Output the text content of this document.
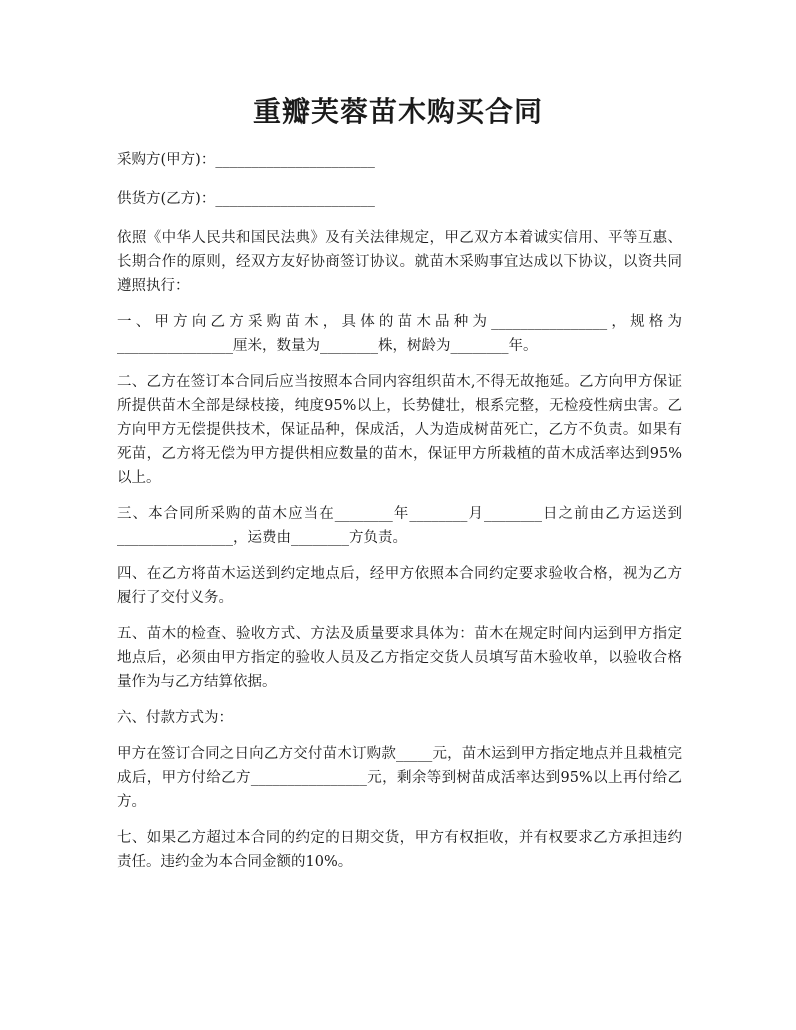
重瓣芙蓉苗木购买合同

采购方(甲方)：______________________

供货方(乙方)：______________________

依照《中华人民共和国民法典》及有关法律规定，甲乙双方本着诚实信用、平等互惠、长期合作的原则，经双方友好协商签订协议。就苗木采购事宜达成以下协议，以资共同遵照执行：

一、甲方向乙方采购苗木，具体的苗木品种为________________，规格为________________厘米，数量为________株，树龄为________年。

二、乙方在签订本合同后应当按照本合同内容组织苗木,不得无故拖延。乙方向甲方保证所提供苗木全部是绿枝接，纯度95%以上，长势健壮，根系完整，无检疫性病虫害。乙方向甲方无偿提供技术，保证品种，保成活，人为造成树苗死亡，乙方不负责。如果有死苗，乙方将无偿为甲方提供相应数量的苗木，保证甲方所栽植的苗木成活率达到95%以上。

三、本合同所采购的苗木应当在________年________月________日之前由乙方运送到________________，运费由________方负责。

四、在乙方将苗木运送到约定地点后，经甲方依照本合同约定要求验收合格，视为乙方履行了交付义务。

五、苗木的检查、验收方式、方法及质量要求具体为：苗木在规定时间内运到甲方指定地点后，必须由甲方指定的验收人员及乙方指定交货人员填写苗木验收单，以验收合格量作为与乙方结算依据。

六、付款方式为：

甲方在签订合同之日向乙方交付苗木订购款_____元，苗木运到甲方指定地点并且栽植完成后，甲方付给乙方________________元，剩余等到树苗成活率达到95%以上再付给乙方。

七、如果乙方超过本合同的约定的日期交货，甲方有权拒收，并有权要求乙方承担违约责任。违约金为本合同金额的10%。
